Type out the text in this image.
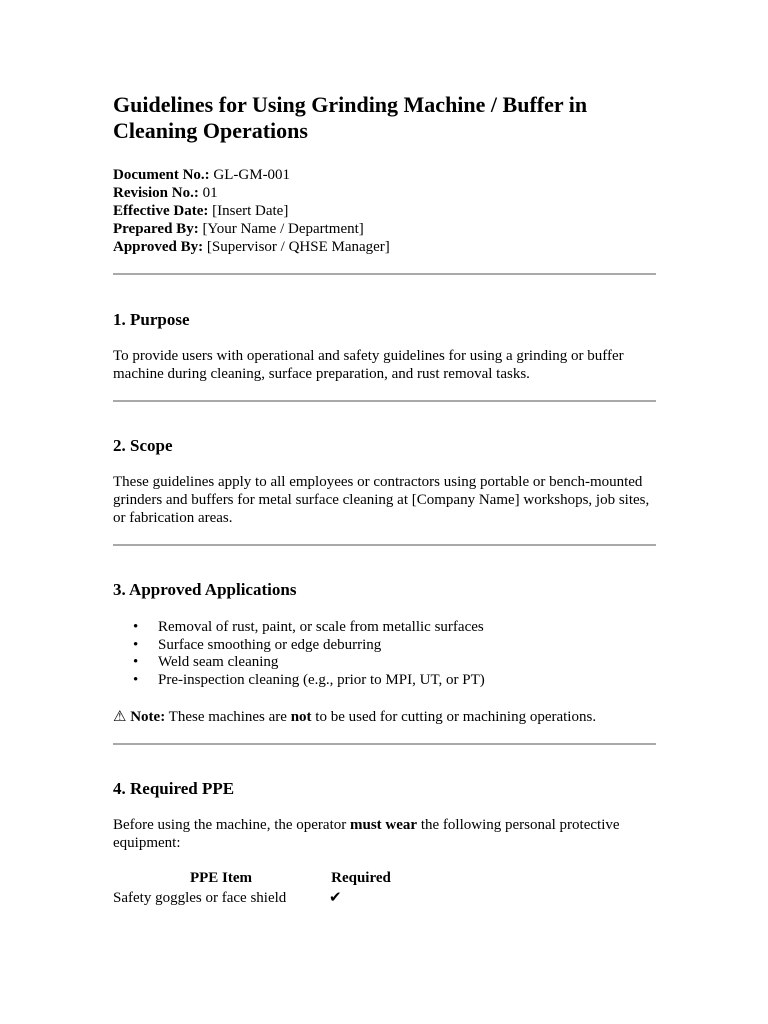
Guidelines for Using Grinding Machine / Buffer in Cleaning Operations

Document No.: GL-GM-001

Revision No.: 01

Effective Date: [Insert Date]

Prepared By: [Your Name / Department]

Approved By: [Supervisor / QHSE Manager]

1. Purpose

To provide users with operational and safety guidelines for using a grinding or buffer machine during cleaning, surface preparation, and rust removal tasks.

2. Scope

These guidelines apply to all employees or contractors using portable or bench-mounted grinders and buffers for metal surface cleaning at [Company Name] workshops, job sites, or fabrication areas.

3. Approved Applications
• Removal of rust, paint, or scale from metallic surfaces
• Surface smoothing or edge deburring
• Weld seam cleaning
• Pre-inspection cleaning (e.g., prior to MPI, UT, or PT)

⚠ Note: These machines are not to be used for cutting or machining operations.

4. Required PPE

Before using the machine, the operator must wear the following personal protective equipment:

PPE Item	Required
Safety goggles or face shield	✔
